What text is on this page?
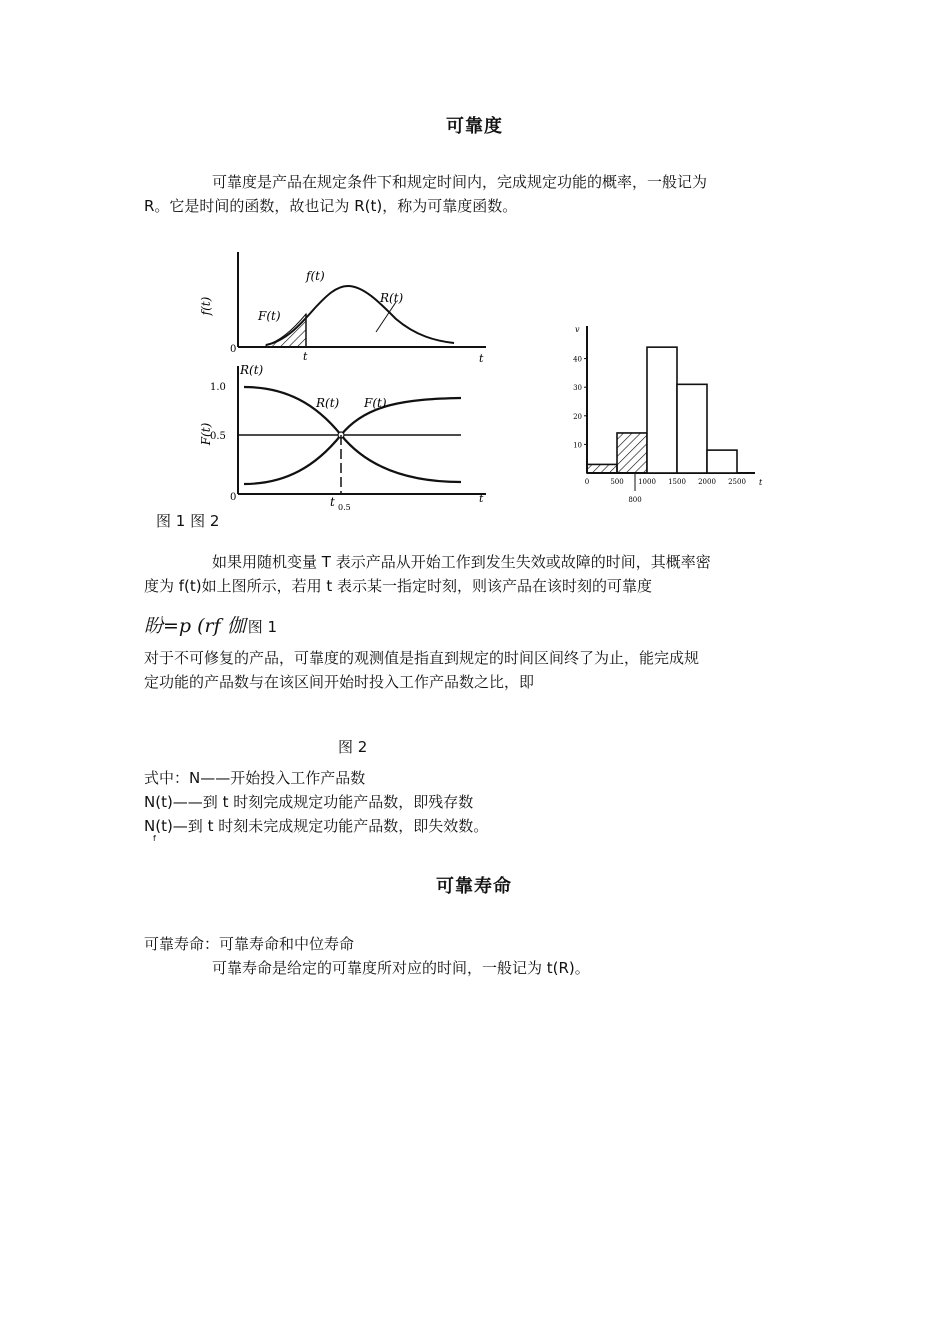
可靠度
可靠度是产品在规定条件下和规定时间内，完成规定功能的概率，一般记为
R。它是时间的函数，故也记为 R(t)，称为可靠度函数。
f(t)
0
t
t
f(t)
F(t)
R(t)
R(t)
F(t)
1.0
0.5
0	t
t 0.5
R(t) F(t)
10
20
30
40
0	500 1000 1500 2000 2500
v
t
800
图 1 图 2
如果用随机变量 T 表示产品从开始工作到发生失效或故障的时间，其概率密
度为 f(t)如上图所示，若用 t 表示某一指定时刻，则该产品在该时刻的可靠度
盼=p (rf 伽 图 1
对于不可修复的产品，可靠度的观测值是指直到规定的时间区间终了为止，能完成规
定功能的产品数与在该区间开始时投入工作产品数之比，即
图 2
式中：N——开始投入工作产品数
N(t)——到 t 时刻完成规定功能产品数，即残存数
N(t)—到 t 时刻未完成规定功能产品数，即失效数。
f
可靠寿命
可靠寿命：可靠寿命和中位寿命
可靠寿命是给定的可靠度所对应的时间，一般记为 t(R)。
